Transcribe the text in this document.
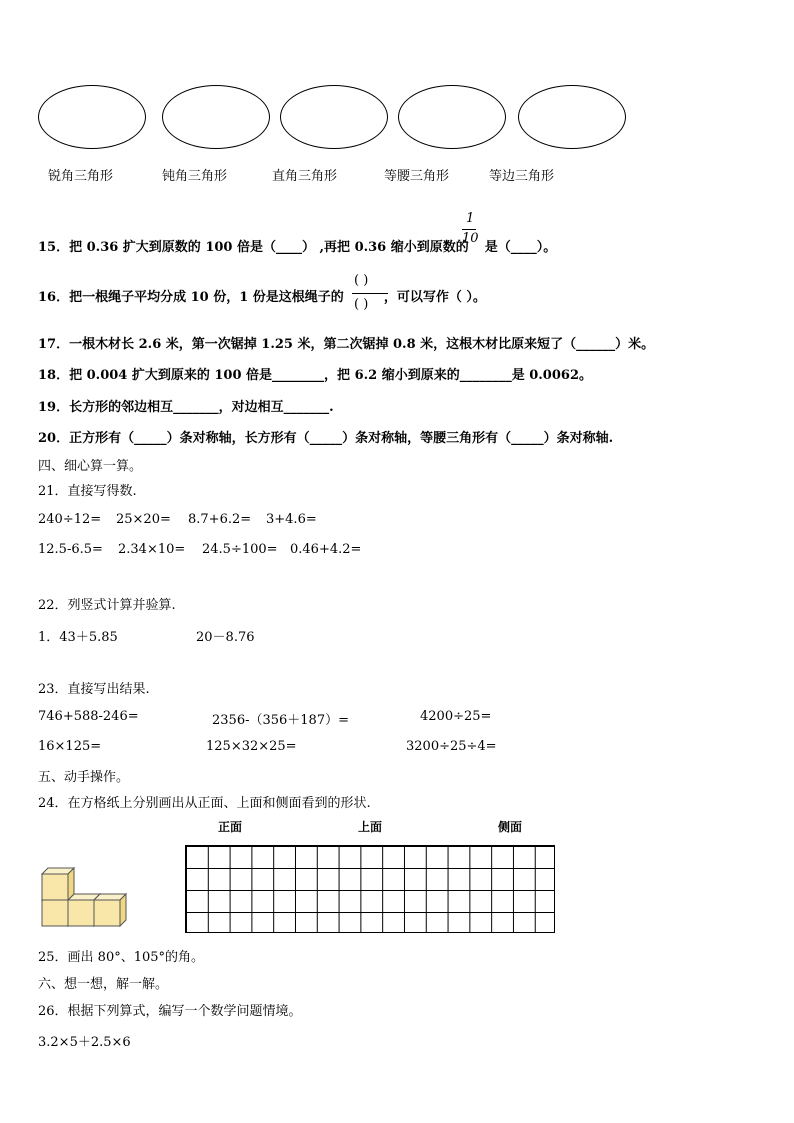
锐角三角形	钝角三角形	直角三角形	等腰三角形	等边三角形
15．把 0.36 扩大到原数的 100 倍是（____） ,再把 0.36 缩小到原数的 是（____）。
1
10
16．把一根绳子平均分成 10 份，1 份是这根绳子的	，可以写作（ ）。
( )
( )
17．一根木材长 2.6 米，第一次锯掉 1.25 米，第二次锯掉 0.8 米，这根木材比原来短了（______）米。
18．把 0.004 扩大到原来的 100 倍是________，把 6.2 缩小到原来的________是 0.0062。
19．长方形的邻边相互_______，对边相互_______.
20．正方形有（_____）条对称轴，长方形有（_____）条对称轴，等腰三角形有（_____）条对称轴.
四、细心算一算。
21．直接写得数.
240÷12= 25×20= 8.7+6.2= 3+4.6=
12.5-6.5= 2.34×10= 24.5÷100= 0.46+4.2=
22．列竖式计算并验算.
1．43＋5.85	20－8.76
23．直接写出结果.
746+588-246=	2356-（356＋187）=	4200÷25=
16×125=	125×32×25=	3200÷25÷4=
五、动手操作。
24．在方格纸上分别画出从正面、上面和侧面看到的形状.
正面	上面	侧面
25．画出 80°、105°的角。
六、想一想，解一解。
26．根据下列算式，编写一个数学问题情境。
3.2×5＋2.5×6
